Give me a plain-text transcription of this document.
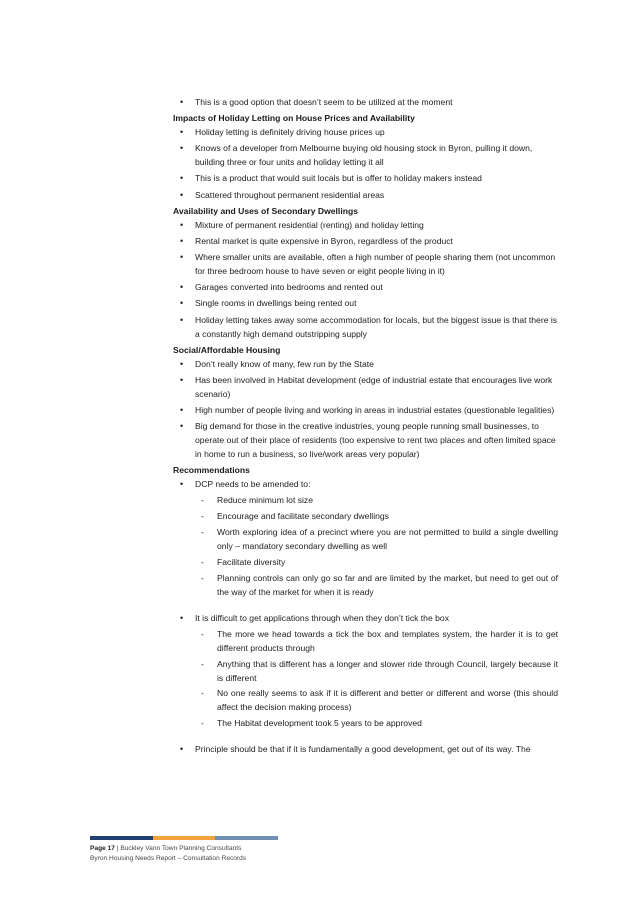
• This is a good option that doesn’t seem to be utilized at the moment

Impacts of Holiday Letting on House Prices and Availability

• Holiday letting is definitely driving house prices up
• Knows of a developer from Melbourne buying old housing stock in Byron, pulling it down, building three or four units and holiday letting it all
• This is a product that would suit locals but is offer to holiday makers instead
• Scattered throughout permanent residential areas

Availability and Uses of Secondary Dwellings

• Mixture of permanent residential (renting) and holiday letting
• Rental market is quite expensive in Byron, regardless of the product
• Where smaller units are available, often a high number of people sharing them (not uncommon for three bedroom house to have seven or eight people living in it)
• Garages converted into bedrooms and rented out
• Single rooms in dwellings being rented out
• Holiday letting takes away some accommodation for locals, but the biggest issue is that there is a constantly high demand outstripping supply

Social/Affordable Housing

• Don’t really know of many, few run by the State
• Has been involved in Habitat development (edge of industrial estate that encourages live work scenario)
• High number of people living and working in areas in industrial estates (questionable legalities)
• Big demand for those in the creative industries, young people running small businesses, to operate out of their place of residents (too expensive to rent two places and often limited space in home to run a business, so live/work areas very popular)

Recommendations

• DCP needs to be amended to:
- Reduce minimum lot size
- Encourage and facilitate secondary dwellings
- Worth exploring idea of a precinct where you are not permitted to build a single dwelling only – mandatory secondary dwelling as well
- Facilitate diversity
- Planning controls can only go so far and are limited by the market, but need to get out of the way of the market for when it is ready
• It is difficult to get applications through when they don’t tick the box
- The more we head towards a tick the box and templates system, the harder it is to get different products through
- Anything that is different has a longer and slower ride through Council, largely because it is different
- No one really seems to ask if it is different and better or different and worse (this should affect the decision making process)
- The Habitat development took 5 years to be approved
• Principle should be that if it is fundamentally a good development, get out of its way. The
Page 17 | Buckley Vann Town Planning Consultants
Byron Housing Needs Report – Consultation Records
